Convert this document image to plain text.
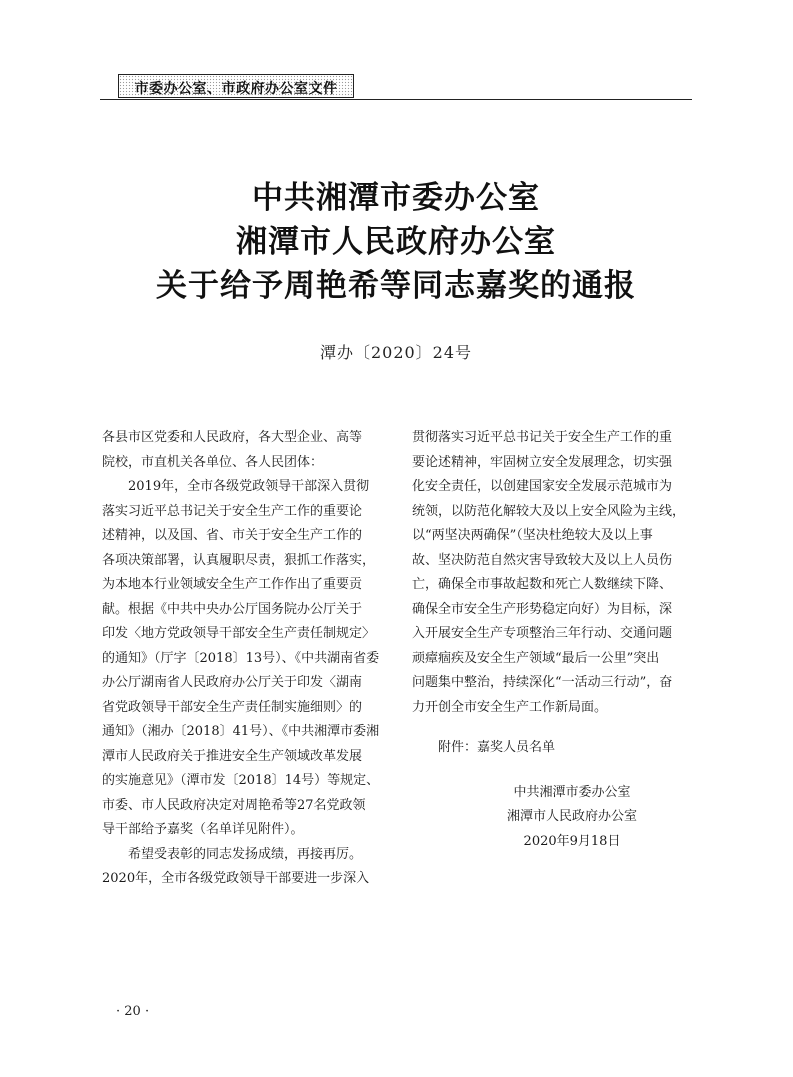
市委办公室、市政府办公室文件
中共湘潭市委办公室
湘潭市人民政府办公室
关于给予周艳希等同志嘉奖的通报
潭办〔2020〕24号
各县市区党委和人民政府，各大型企业、高等
院校，市直机关各单位、各人民团体：
2019年，全市各级党政领导干部深入贯彻
落实习近平总书记关于安全生产工作的重要论
述精神，以及国、省、市关于安全生产工作的
各项决策部署，认真履职尽责，狠抓工作落实，
为本地本行业领域安全生产工作作出了重要贡
献。根据《中共中央办公厅国务院办公厅关于
印发〈地方党政领导干部安全生产责任制规定〉
的通知》（厅字〔2018〕13号）、《中共湖南省委
办公厅湖南省人民政府办公厅关于印发〈湖南
省党政领导干部安全生产责任制实施细则〉的
通知》（湘办〔2018〕41号）、《中共湘潭市委湘
潭市人民政府关于推进安全生产领域改革发展
的实施意见》（潭市发〔2018〕14号）等规定、
市委、市人民政府决定对周艳希等27名党政领
导干部给予嘉奖（名单详见附件）。
希望受表彰的同志发扬成绩，再接再厉。
2020年，全市各级党政领导干部要进一步深入
贯彻落实习近平总书记关于安全生产工作的重
要论述精神，牢固树立安全发展理念，切实强
化安全责任，以创建国家安全发展示范城市为
统领，以防范化解较大及以上安全风险为主线，
以“两坚决两确保”（坚决杜绝较大及以上事
故、坚决防范自然灾害导致较大及以上人员伤
亡，确保全市事故起数和死亡人数继续下降、
确保全市安全生产形势稳定向好）为目标，深
入开展安全生产专项整治三年行动、交通问题
顽瘴痼疾及安全生产领域“最后一公里”突出
问题集中整治，持续深化“一活动三行动”，奋
力开创全市安全生产工作新局面。
附件：嘉奖人员名单
中共湘潭市委办公室
湘潭市人民政府办公室
2020年9月18日
· 20 ·
